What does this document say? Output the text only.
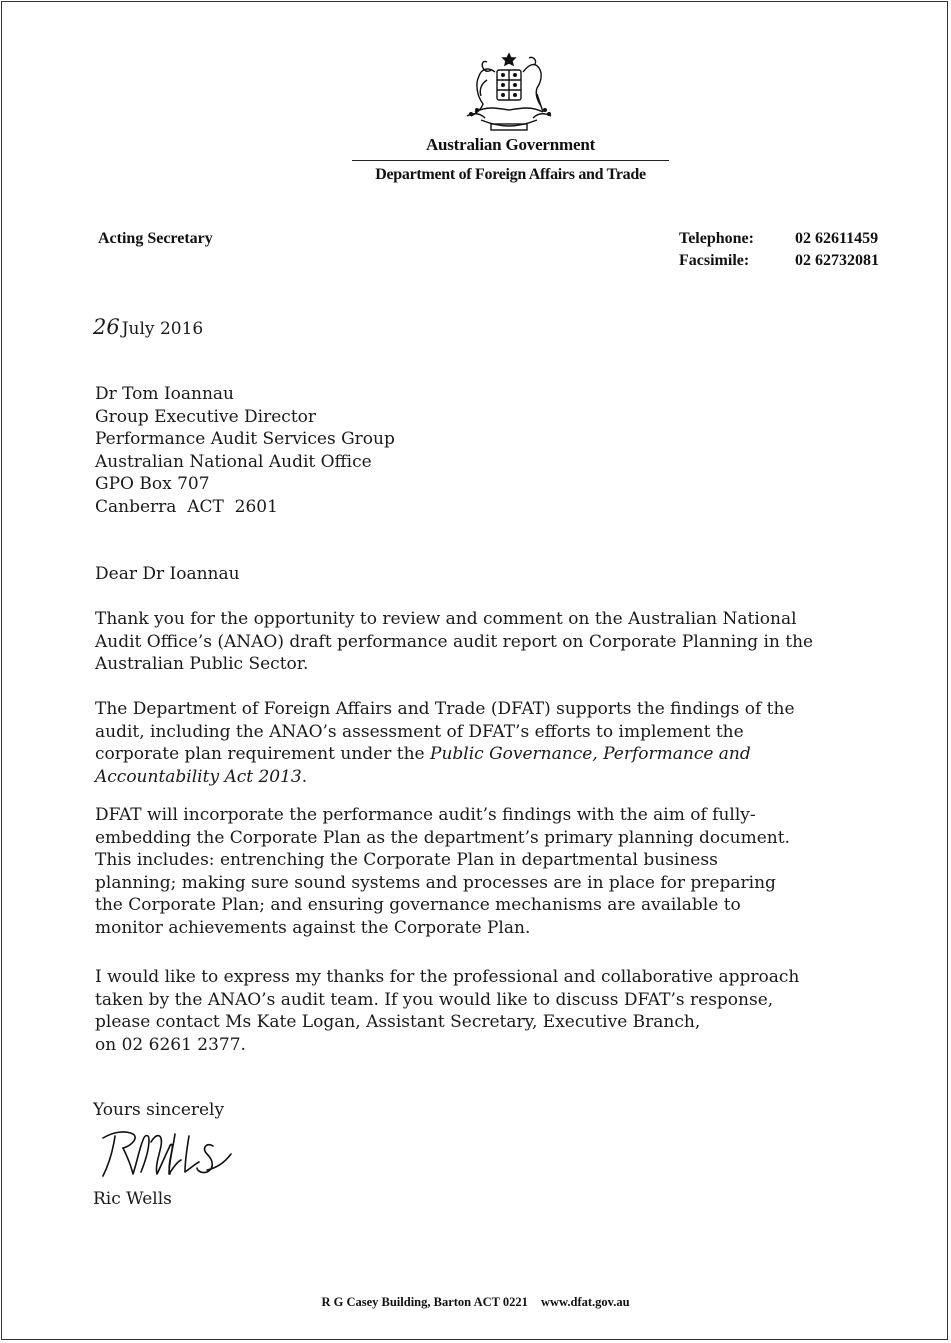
Australian Government
Department of Foreign Affairs and Trade
Acting Secretary	Telephone:	02 62611459
Facsimile:	02 62732081
26 July 2016
Dr Tom Ioannau
Group Executive Director
Performance Audit Services Group
Australian National Audit Office
GPO Box 707
Canberra  ACT  2601
Dear Dr Ioannau
Thank you for the opportunity to review and comment on the Australian National
Audit Office’s (ANAO) draft performance audit report on Corporate Planning in the
Australian Public Sector.
The Department of Foreign Affairs and Trade (DFAT) supports the findings of the
audit, including the ANAO’s assessment of DFAT’s efforts to implement the
corporate plan requirement under the Public Governance, Performance and
Accountability Act 2013.
DFAT will incorporate the performance audit’s findings with the aim of fully-
embedding the Corporate Plan as the department’s primary planning document.
This includes: entrenching the Corporate Plan in departmental business
planning; making sure sound systems and processes are in place for preparing
the Corporate Plan; and ensuring governance mechanisms are available to
monitor achievements against the Corporate Plan.
I would like to express my thanks for the professional and collaborative approach
taken by the ANAO’s audit team. If you would like to discuss DFAT’s response,
please contact Ms Kate Logan, Assistant Secretary, Executive Branch,
on 02 6261 2377.
Yours sincerely
Ric Wells
R G Casey Building, Barton ACT 0221 www.dfat.gov.au
